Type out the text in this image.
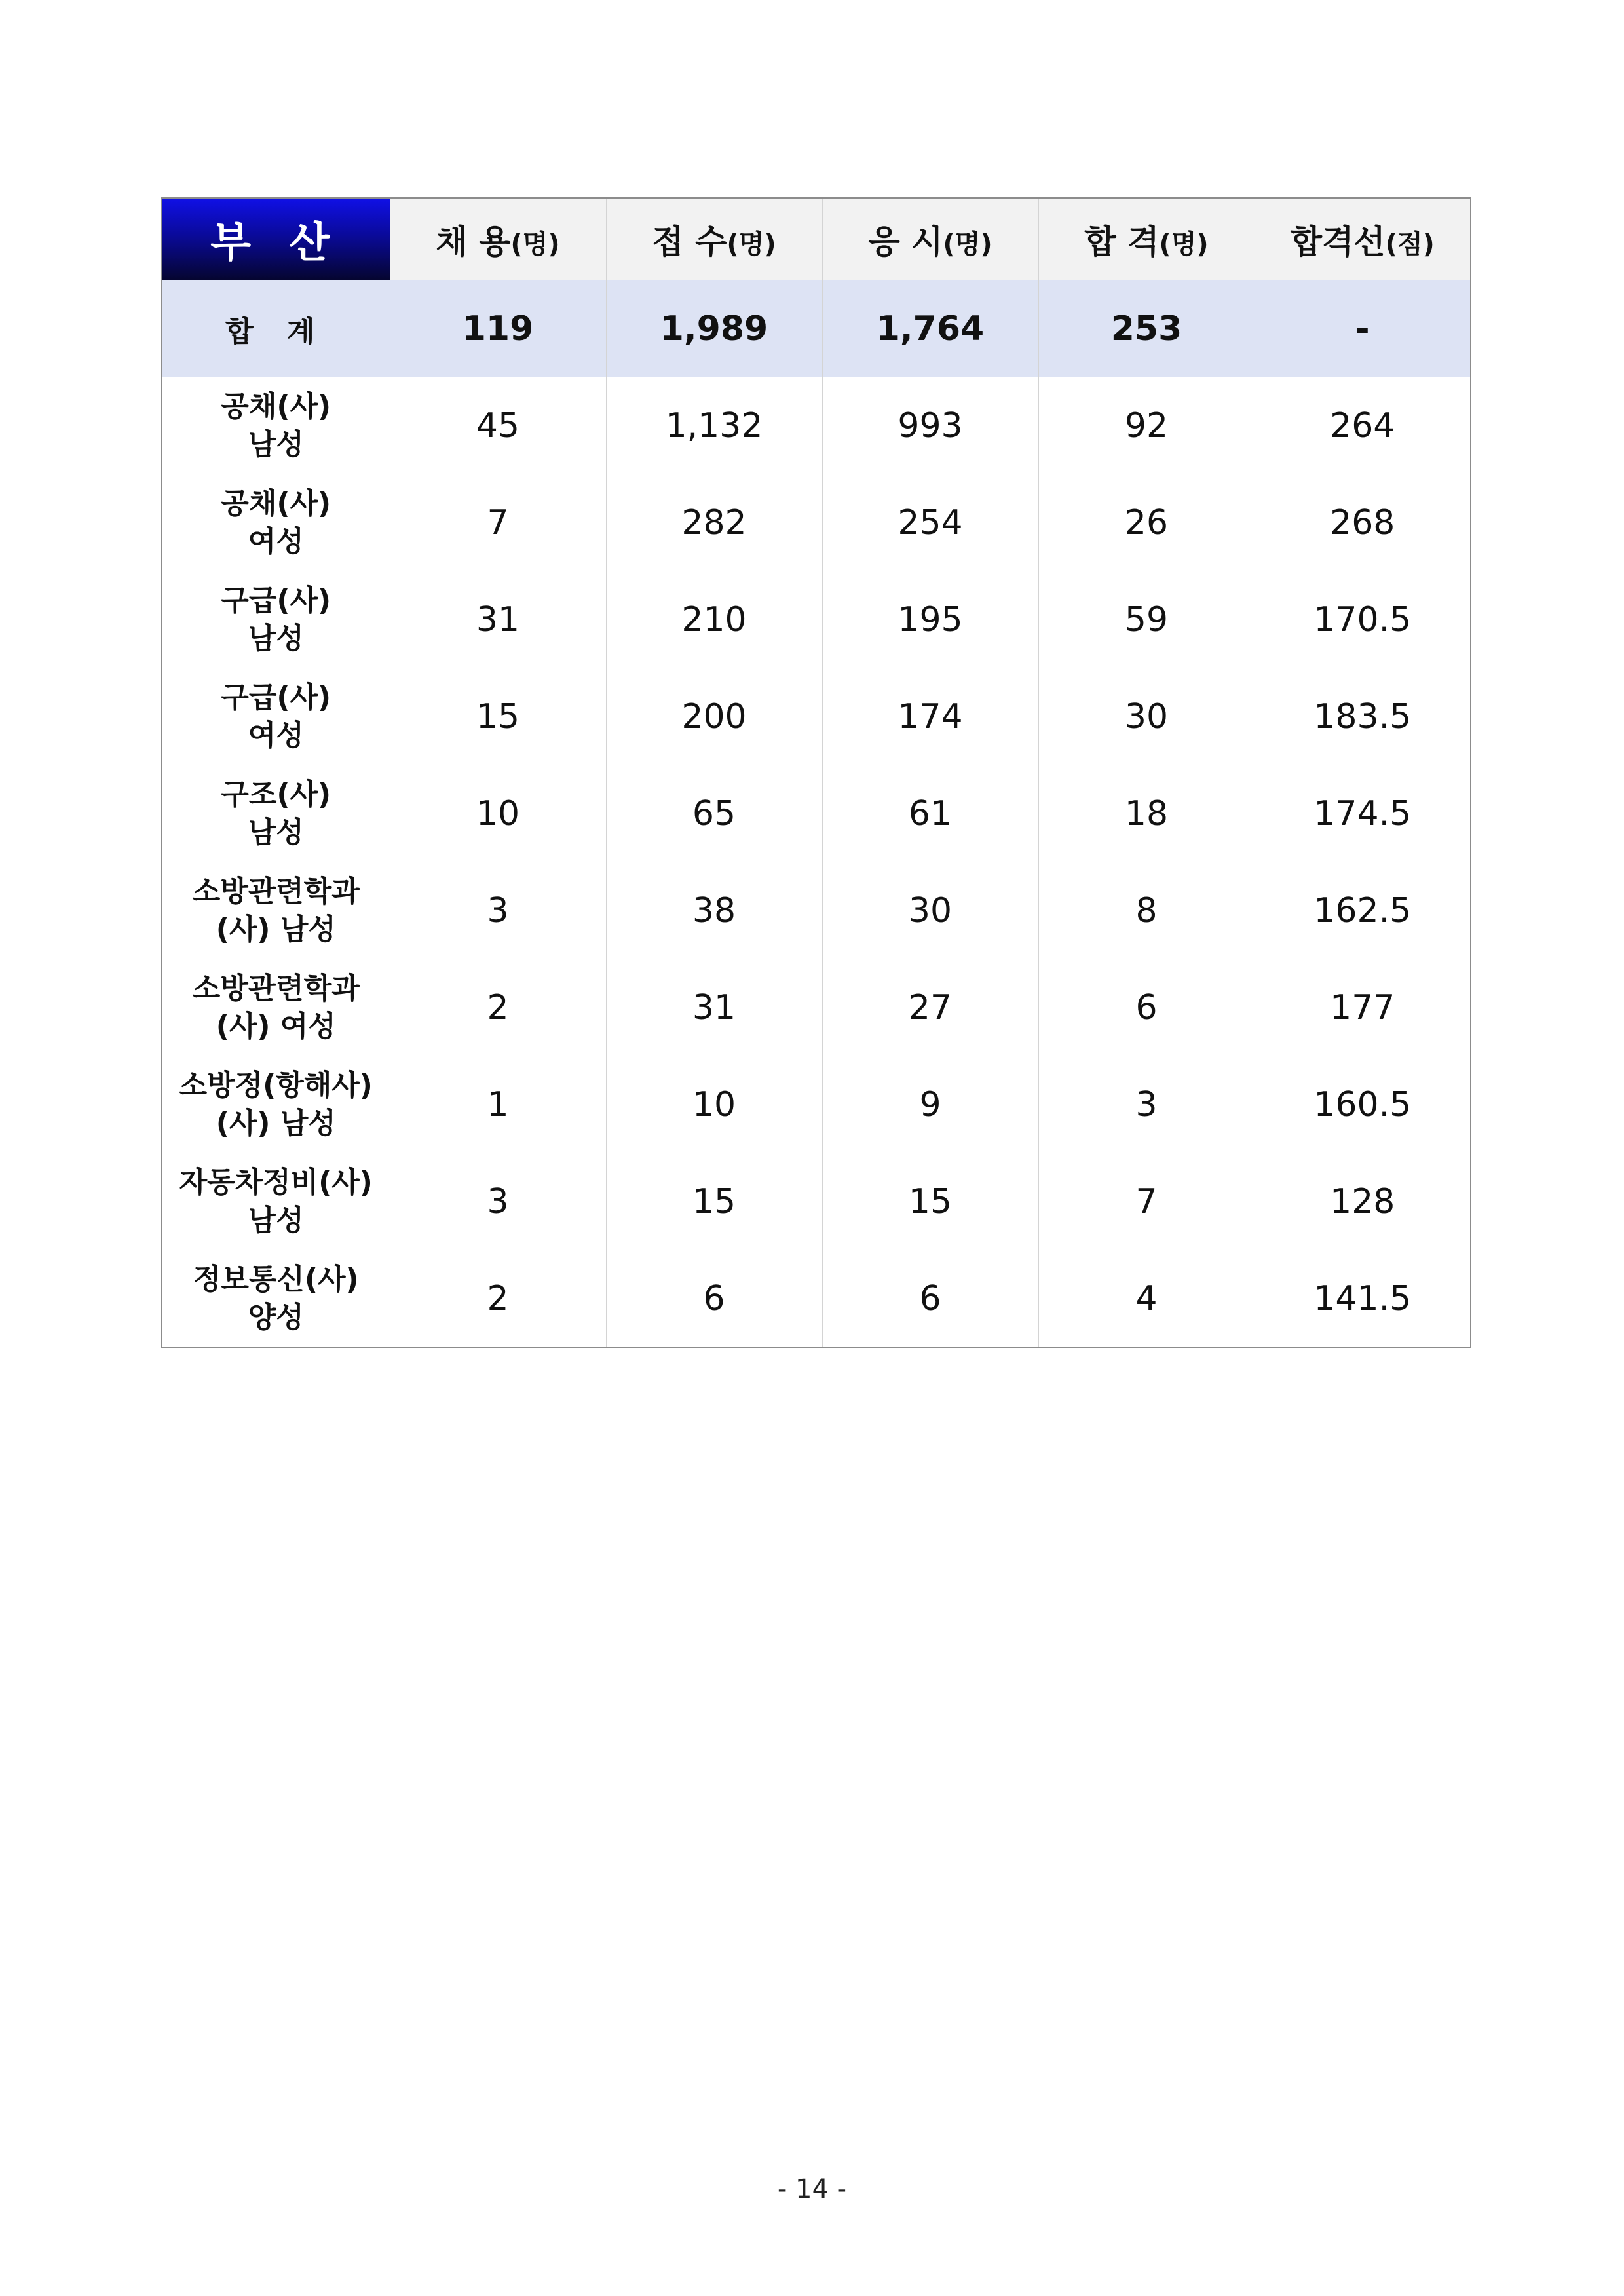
부 산	채 용(명)	접 수(명)	응 시(명)	합 격(명)	합격선(점)
합 계	119	1,989	1,764	253	-
공채(사)
남성	45	1,132	993	92	264
공채(사)
여성	7	282	254	26	268
구급(사)
남성	31	210	195	59	170.5
구급(사)
여성	15	200	174	30	183.5
구조(사)
남성	10	65	61	18	174.5
소방관련학과
(사) 남성	3	38	30	8	162.5
소방관련학과
(사) 여성	2	31	27	6	177
소방정(항해사)
(사) 남성	1	10	9	3	160.5
자동차정비(사)
남성	3	15	15	7	128
정보통신(사)
양성	2	6	6	4	141.5
- 14 -
